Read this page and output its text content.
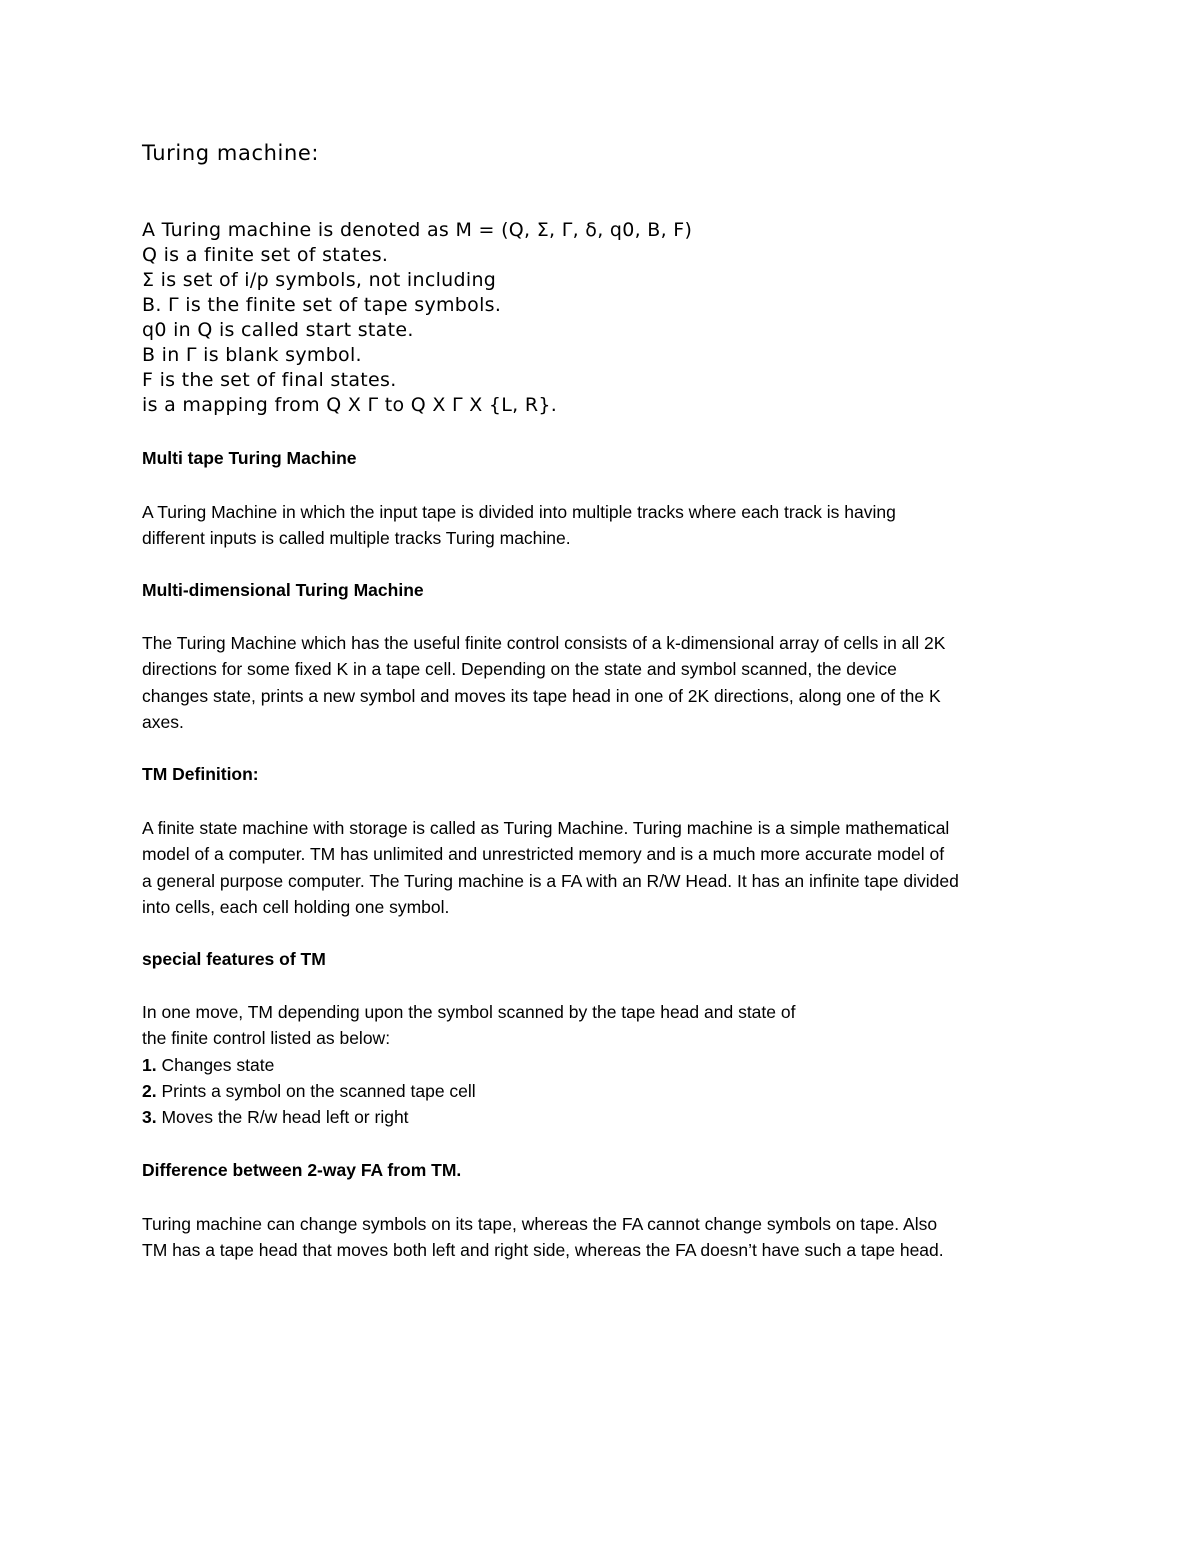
Turing machine:
A Turing machine is denoted as M = (Q, Σ, Γ, δ, q0, B, F)
Q is a finite set of states.
Σ is set of i/p symbols, not including
B. Γ is the finite set of tape symbols.
q0 in Q is called start state.
B in Γ is blank symbol.
F is the set of final states.
is a mapping from Q X Γ to Q X Γ X {L, R}.
Multi tape Turing Machine
A Turing Machine in which the input tape is divided into multiple tracks where each track is having
different inputs is called multiple tracks Turing machine.
Multi-dimensional Turing Machine
The Turing Machine which has the useful finite control consists of a k-dimensional array of cells in all 2K
directions for some fixed K in a tape cell. Depending on the state and symbol scanned, the device
changes state, prints a new symbol and moves its tape head in one of 2K directions, along one of the K
axes.
TM Definition:
A finite state machine with storage is called as Turing Machine. Turing machine is a simple mathematical
model of a computer. TM has unlimited and unrestricted memory and is a much more accurate model of
a general purpose computer. The Turing machine is a FA with an R/W Head. It has an infinite tape divided
into cells, each cell holding one symbol.
special features of TM
In one move, TM depending upon the symbol scanned by the tape head and state of
the finite control listed as below:
1. Changes state
2. Prints a symbol on the scanned tape cell
3. Moves the R/w head left or right
Difference between 2-way FA from TM.
Turing machine can change symbols on its tape, whereas the FA cannot change symbols on tape. Also
TM has a tape head that moves both left and right side, whereas the FA doesn’t have such a tape head.
